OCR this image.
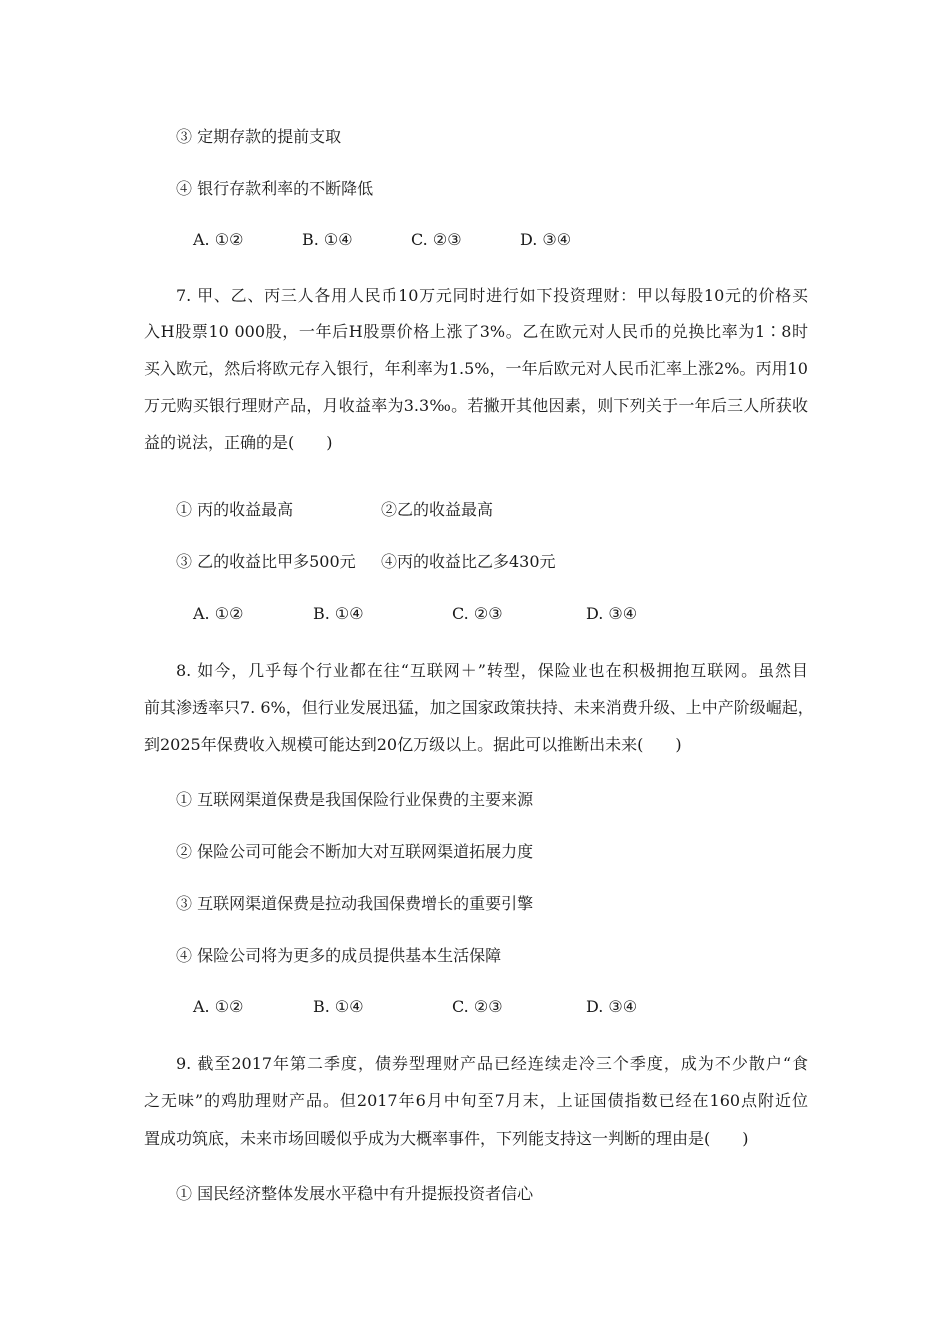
③ 定期存款的提前支取
④ 银行存款利率的不断降低
A. ①②	B. ①④	C. ②③	D. ③④
7. 甲、乙、丙三人各用人民币10万元同时进行如下投资理财：甲以每股10元的价格买
入H股票10 000股，一年后H股票价格上涨了3%。乙在欧元对人民币的兑换比率为1∶8时
买入欧元，然后将欧元存入银行，年利率为1.5%，一年后欧元对人民币汇率上涨2%。丙用10
万元购买银行理财产品，月收益率为3.3‰。若撇开其他因素，则下列关于一年后三人所获收
益的说法，正确的是(　　)
① 丙的收益最高	②乙的收益最高
③ 乙的收益比甲多500元 ④丙的收益比乙多430元
A. ①②	B. ①④	C. ②③	D. ③④
8. 如今，几乎每个行业都在往“互联网＋”转型，保险业也在积极拥抱互联网。虽然目
前其渗透率只7. 6%，但行业发展迅猛，加之国家政策扶持、未来消费升级、上中产阶级崛起，
到2025年保费收入规模可能达到20亿万级以上。据此可以推断出未来(　　)
① 互联网渠道保费是我国保险行业保费的主要来源
② 保险公司可能会不断加大对互联网渠道拓展力度
③ 互联网渠道保费是拉动我国保费增长的重要引擎
④ 保险公司将为更多的成员提供基本生活保障
A. ①②	B. ①④	C. ②③	D. ③④
9. 截至2017年第二季度，债券型理财产品已经连续走冷三个季度，成为不少散户“食
之无味”的鸡肋理财产品。但2017年6月中旬至7月末，上证国债指数已经在160点附近位
置成功筑底，未来市场回暖似乎成为大概率事件，下列能支持这一判断的理由是(　　)
① 国民经济整体发展水平稳中有升提振投资者信心
